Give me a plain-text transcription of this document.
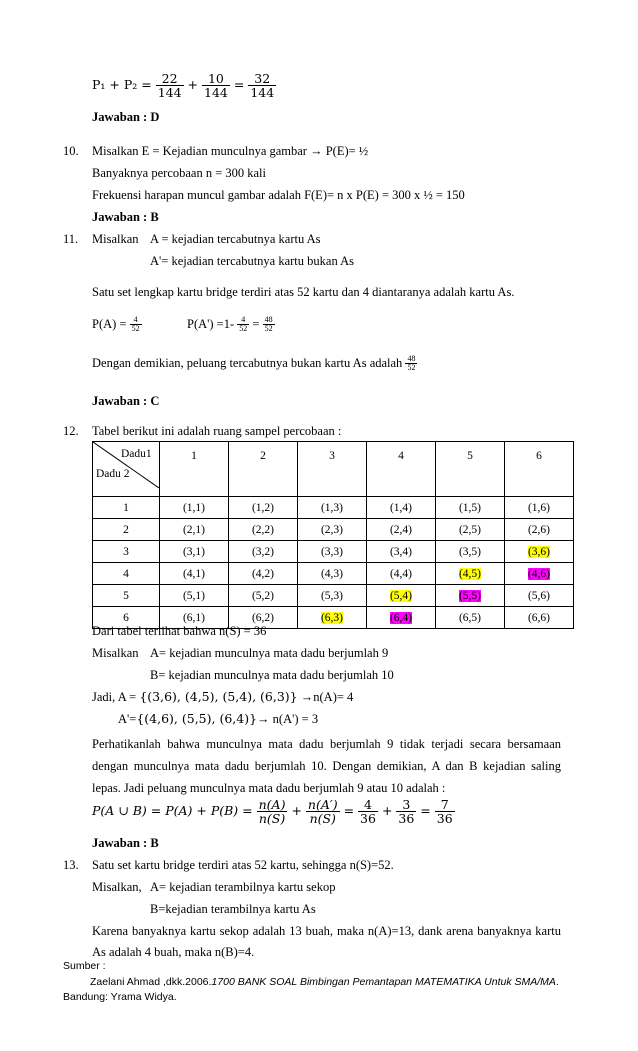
$P_1 + P_2 = \frac{22}{144} + \frac{10}{144} = \frac{32}{144}$
Jawaban : D
10. Misalkan E = Kejadian munculnya gambar → P(E)= ½
Banyaknya percobaan n = 300 kali
Frekuensi harapan muncul gambar adalah F(E)= n x P(E) = 300 x ½ = 150
Jawaban : B
11. Misalkan A = kejadian tercabutnya kartu As
A'= kejadian tercabutnya kartu bukan As
Satu set lengkap kartu bridge terdiri atas 52 kartu dan 4 diantaranya adalah kartu As.
$P(A) = \frac{4}{52}$	$P(A') =1- \frac{4}{52} = \frac{48}{52}$
Dengan demikian, peluang tercabutnya bukan kartu As adalah $\frac{48}{52}$
Jawaban : C
12. Tabel berikut ini adalah ruang sampel percobaan :
Dadu1
Dadu 2	1	2	3	4	5	6
1	(1,1)	(1,2)	(1,3)	(1,4)	(1,5)	(1,6)
2	(2,1)	(2,2)	(2,3)	(2,4)	(2,5)	(2,6)
3	(3,1)	(3,2)	(3,3)	(3,4)	(3,5)	(3,6)
4	(4,1)	(4,2)	(4,3)	(4,4)	(4,5)	(4,6)
5	(5,1)	(5,2)	(5,3)	(5,4)	(5,5)	(5,6)
6	(6,1)	(6,2)	(6,3)	(6,4)	(6,5)	(6,6)
Dari tabel terlihat bahwa n(S) = 36
Misalkan A= kejadian munculnya mata dadu berjumlah 9
B= kejadian munculnya mata dadu berjumlah 10
Jadi, A = {(3,6), (4,5), (5,4), (6,3)} →n(A)= 4
A'={(4,6), (5,5), (6,4)}→ n(A') = 3
Perhatikanlah bahwa munculnya mata dadu berjumlah 9 tidak terjadi secara bersamaan
dengan munculnya mata dadu berjumlah 10. Dengan demikian, A dan B kejadian saling
lepas. Jadi peluang munculnya mata dadu berjumlah 9 atau 10 adalah :
P(A ∪ $B) = P(A) + P(B) = \frac{n(A)}{n(S)} + \frac{n(A')}{n(S)} = \frac{4}{36} + \frac{3}{36} = \frac{7}{36}$
Jawaban : B
13. Satu set kartu bridge terdiri atas 52 kartu, sehingga n(S)=52.
Misalkan, A= kejadian terambilnya kartu sekop
B=kejadian terambilnya kartu As
Karena banyaknya kartu sekop adalah 13 buah, maka n(A)=13, dank arena banyaknya kartu
As adalah 4 buah, maka n(B)=4.
Sumber :
Zaelani Ahmad ,dkk.2006.1700 BANK SOAL Bimbingan Pemantapan MATEMATIKA Untuk SMA/MA.
Bandung: Yrama Widya.
